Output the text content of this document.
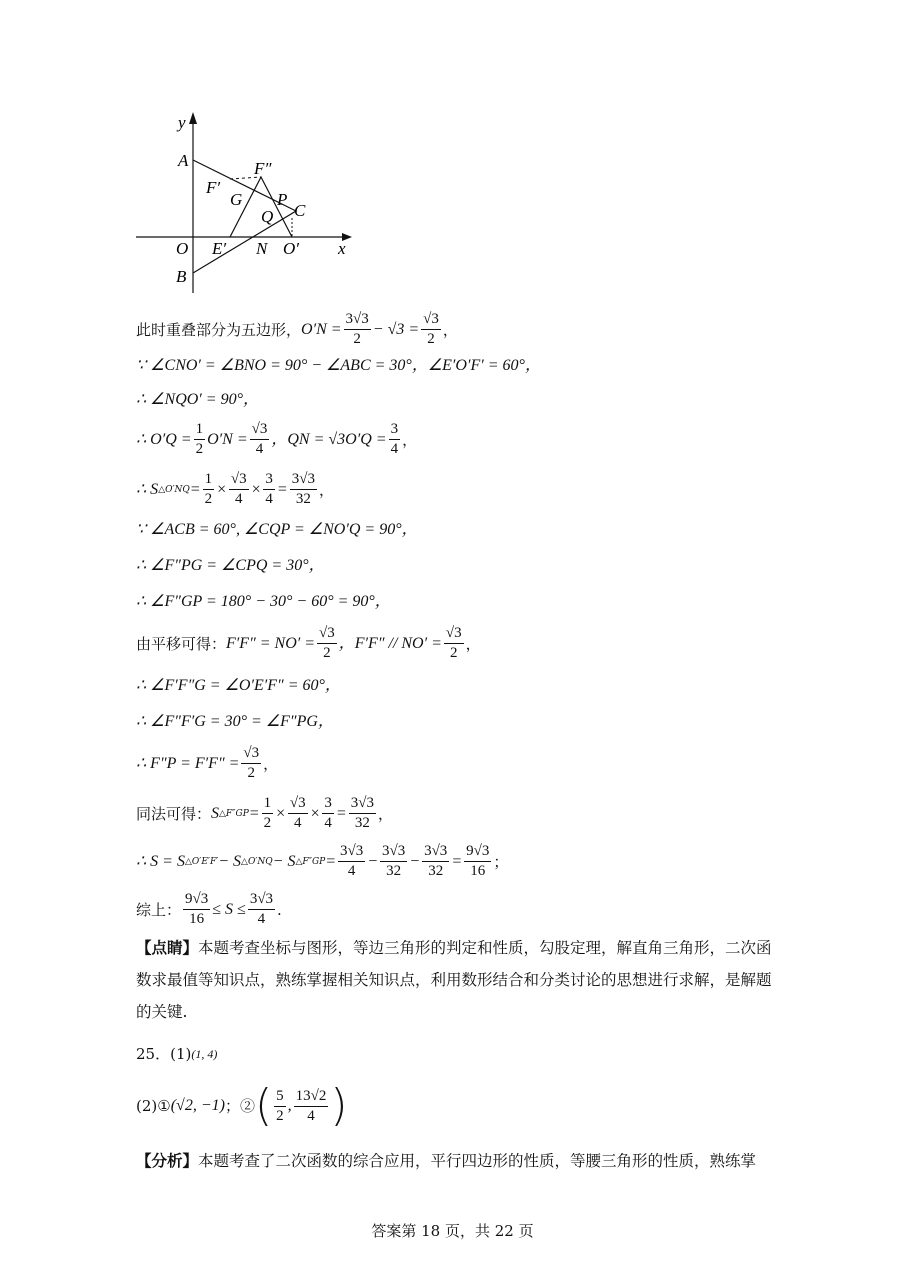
y
A	F″
F′
G P
C
Q
O E′ N O′ x
B
此时重叠部分为五边形， $O'N = \frac{3√3}{2} - √3 = \frac{√3}{2}$ ，
∵ ∠CNO′ = ∠BNO = 90° − ∠ABC = 30°，∠E′O′F′ = 60°，
∴ ∠NQO′ = 90°，
∴ $O'Q = \frac{1}{2} O'N = \frac{√3}{4}$ ，QN = $√3O'Q = \frac{3}{4}$ ，
∴ S △O′NQ = $\frac{1}{2} \times \frac{√3}{4} \times \frac{3}{4} = \frac{3√3}{32}$ ，
∵ ∠ACB = 60°, ∠CQP = ∠NO′Q = 90°，
∴ ∠F″PG = ∠CPQ = 30°，
∴ ∠F″GP = 180° − 30° − 60° = 90°，
由平移可得： $F'F'' = NO' = \frac{√3}{2}$ ，$F'F'' // NO' = \frac{√3}{2}$ ，
∴ ∠F′F″G = ∠O′E′F″ = 60°，
∴ ∠F″F′G = 30° = ∠F″PG，
∴ $F''P = F'F'' = \frac{√3}{2}$ ，
同法可得： S △F″GP = $\frac{1}{2} \times \frac{√3}{4} \times \frac{3}{4} = \frac{3√3}{32}$ ，
∴ S = S △O′E′F′ − S △O′NQ − S △F″GP = $\frac{3√3}{4} - \frac{3√3}{32} - \frac{3√3}{32} = \frac{9√3}{16}$ ；
综上： $\frac{9√3}{16} \le S \le \frac{3√3}{4}$ .
【点睛】本题考查坐标与图形，等边三角形的判定和性质，勾股定理，解直角三角形，二次函数求最值等知识点，熟练掌握相关知识点，利用数形结合和分类讨论的思想进行求解，是解题的关键.
25．(1) (1, 4)
(2)① (√2, −1) ；② ( $\frac{5}{2}$ , $\frac{13√2}{4}$ )
【分析】本题考查了二次函数的综合应用，平行四边形的性质，等腰三角形的性质，熟练掌
答案第 18 页，共 22 页
